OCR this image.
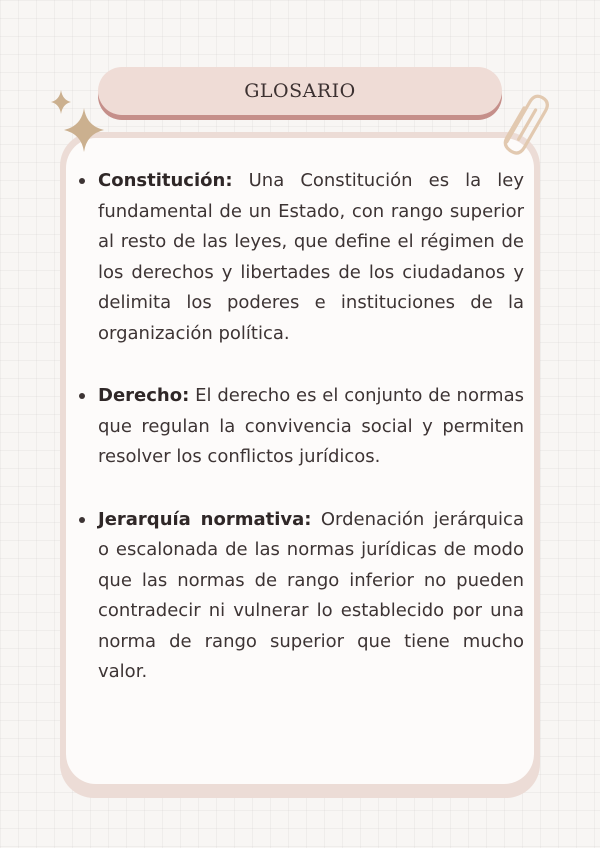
GLOSARIO
Constitución: Una Constitución es la ley fundamental de un Estado, con rango superior al resto de las leyes, que define el régimen de los derechos y libertades de los ciudadanos y delimita los poderes e instituciones de la organización política.
Derecho: El derecho es el conjunto de normas que regulan la convivencia social y permiten resolver los conflictos jurídicos.
Jerarquía normativa: Ordenación jerárquica o escalonada de las normas jurídicas de modo que las normas de rango inferior no pueden contradecir ni vulnerar lo establecido por una norma de rango superior que tiene mucho valor.
